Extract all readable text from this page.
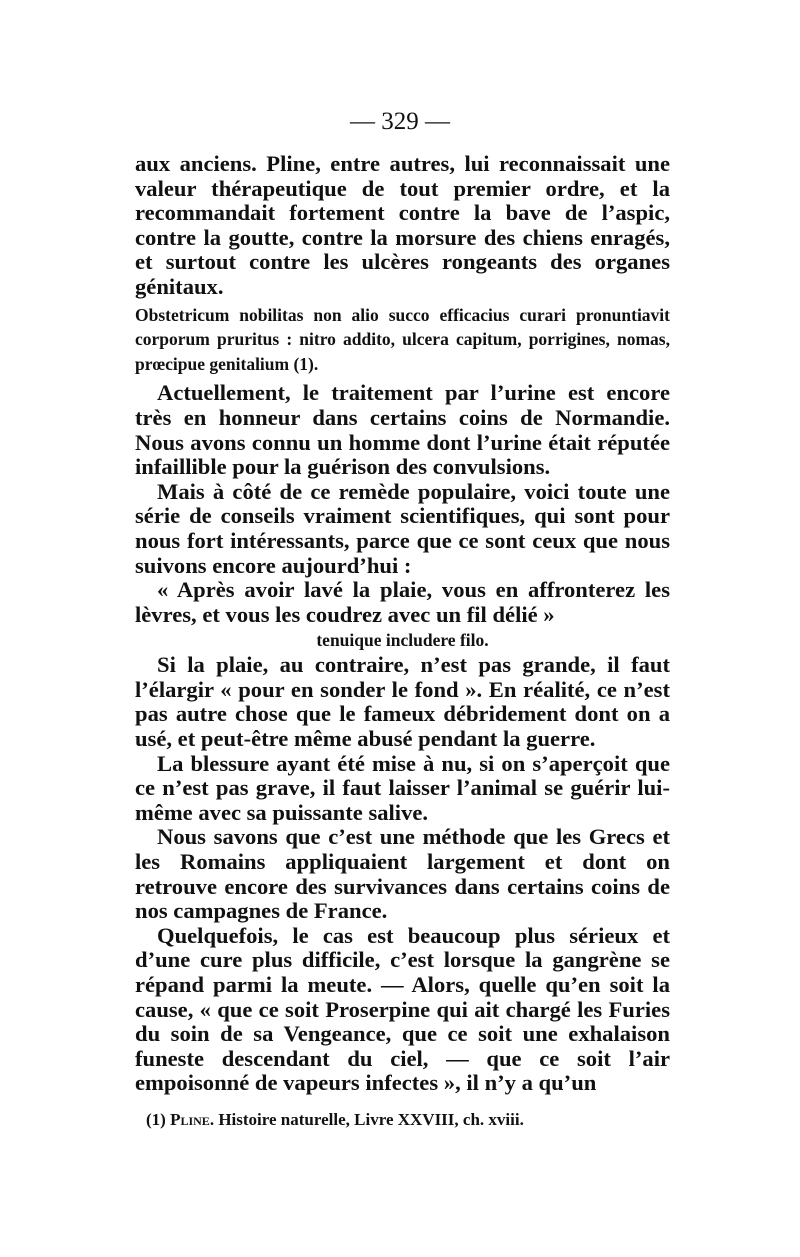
— 329 —

aux anciens. Pline, entre autres, lui reconnaissait une valeur thérapeutique de tout premier ordre, et la recommandait fortement contre la bave de l’aspic, contre la goutte, contre la morsure des chiens enragés, et surtout contre les ulcères rongeants des organes génitaux.

Obstetricum nobilitas non alio succo efficacius curari pronuntiavit corporum pruritus : nitro addito, ulcera capitum, porrigines, nomas, prœcipue genitalium (1).

Actuellement, le traitement par l’urine est encore très en honneur dans certains coins de Normandie. Nous avons connu un homme dont l’urine était réputée infaillible pour la guérison des convulsions.

Mais à côté de ce remède populaire, voici toute une série de conseils vraiment scientifiques, qui sont pour nous fort intéressants, parce que ce sont ceux que nous suivons encore aujourd’hui :

« Après avoir lavé la plaie, vous en affronterez les lèvres, et vous les coudrez avec un fil délié »

tenuique includere filo.

Si la plaie, au contraire, n’est pas grande, il faut l’élargir « pour en sonder le fond ». En réalité, ce n’est pas autre chose que le fameux débridement dont on a usé, et peut-être même abusé pendant la guerre.

La blessure ayant été mise à nu, si on s’aperçoit que ce n’est pas grave, il faut laisser l’animal se guérir lui-même avec sa puissante salive.

Nous savons que c’est une méthode que les Grecs et les Romains appliquaient largement et dont on retrouve encore des survivances dans certains coins de nos campagnes de France.

Quelquefois, le cas est beaucoup plus sérieux et d’une cure plus difficile, c’est lorsque la gangrène se répand parmi la meute. — Alors, quelle qu’en soit la cause, « que ce soit Proserpine qui ait chargé les Furies du soin de sa Vengeance, que ce soit une exhalaison funeste descendant du ciel, — que ce soit l’air empoisonné de vapeurs infectes », il n’y a qu’un

(1) Pline. Histoire naturelle, Livre XXVIII, ch. xviii.
